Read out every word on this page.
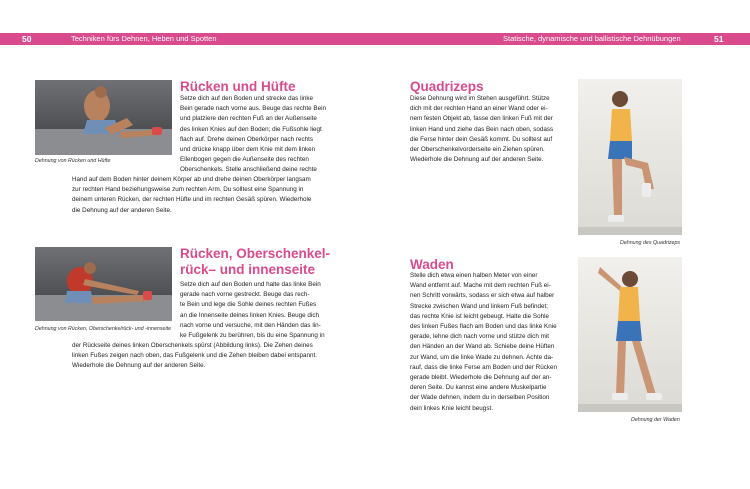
50	Techniken fürs Dehnen, Heben und Spotten	Statische, dynamische und ballistische Dehnübungen	51
Dehnung von Rücken und Hüfte
Rücken und Hüfte
Setze dich auf den Boden und strecke das linke
Bein gerade nach vorne aus. Beuge das rechte Bein
und platziere den rechten Fuß an der Außenseite
des linken Knies auf den Boden; die Fußsohle liegt
flach auf. Drehe deinen Oberkörper nach rechts
und drücke knapp über dem Knie mit dem linken
Ellenbogen gegen die Außenseite des rechten
Oberschenkels. Stelle anschließend deine rechte
Hand auf dem Boden hinter deinem Körper ab und drehe deinen Oberkörper langsam
zur rechten Hand beziehungsweise zum rechten Arm. Du solltest eine Spannung in
deinem unteren Rücken, der rechten Hüfte und im rechten Gesäß spüren. Wiederhole
die Dehnung auf der anderen Seite.
Dehnung von Rücken, Oberschenkelrück- und -innenseite
Rücken, Oberschenkel-
rück– und innenseite
Setze dich auf den Boden und halte das linke Bein
gerade nach vorne gestreckt. Beuge das rech-
te Bein und lege die Sohle deines rechten Fußes
an die Innenseite deines linken Knies. Beuge dich
nach vorne und versuche, mit den Händen das lin-
ke Fußgelenk zu berühren, bis du eine Spannung in
der Rückseite deines linken Oberschenkels spürst (Abbildung links). Die Zehen deines
linken Fußes zeigen nach oben, das Fußgelenk und die Zehen bleiben dabei entspannt.
Wiederhole die Dehnung auf der anderen Seite.
Quadrizeps
Diese Dehnung wird im Stehen ausgeführt. Stütze
dich mit der rechten Hand an einer Wand oder ei-
nem festen Objekt ab, fasse den linken Fuß mit der
linken Hand und ziehe das Bein nach oben, sodass
die Ferse hinter dein Gesäß kommt. Du solltest auf
der Oberschenkelvorderseite ein Ziehen spüren.
Wiederhole die Dehnung auf der anderen Seite.
Dehnung des Quadrizeps
Waden
Stelle dich etwa einen halben Meter von einer
Wand entfernt auf. Mache mit dem rechten Fuß ei-
nen Schritt vorwärts, sodass er sich etwa auf halber
Strecke zwischen Wand und linkem Fuß befindet;
das rechte Knie ist leicht gebeugt. Halte die Sohle
des linken Fußes flach am Boden und das linke Knie
gerade, lehne dich nach vorne und stütze dich mit
den Händen an der Wand ab. Schiebe deine Hüften
zur Wand, um die linke Wade zu dehnen. Achte da-
rauf, dass die linke Ferse am Boden und der Rücken
gerade bleibt. Wiederhole die Dehnung auf der an-
deren Seite. Du kannst eine andere Muskelpartie
der Wade dehnen, indem du in derselben Position
dein linkes Knie leicht beugst.
Dehnung der Waden
